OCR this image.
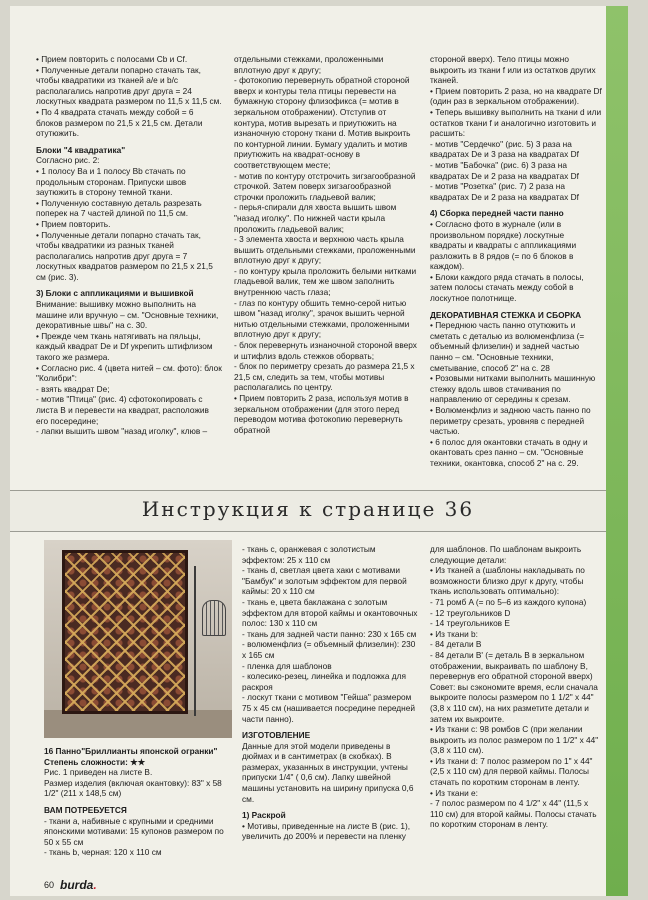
• Прием повторить с полосами Cb и Cf.

• Полученные детали попарно стачать так, чтобы квадратики из тканей a/e и b/c располагались напротив друг друга = 24 лоскутных квадрата размером по 11,5 х 11,5 см.

• По 4 квадрата стачать между собой = 6 блоков размером по 21,5 х 21,5 см. Детали отутюжить.

Блоки "4 квадратика"

Согласно рис. 2:

• 1 полосу Ba и 1 полосу Bb стачать по продольным сторонам. Припуски швов заутюжить в сторону темной ткани.

• Полученную составную деталь разрезать поперек на 7 частей длиной по 11,5 см.

• Прием повторить.

• Полученные детали попарно стачать так, чтобы квадратики из разных тканей располагались напротив друг друга = 7 лоскутных квадратов размером по 21,5 х 21,5 см (рис. 3).

3) Блоки с аппликациями и вышивкой

Внимание: вышивку можно выполнить на машине или вручную – см. "Основные техники, декоративные швы" на с. 30.

• Прежде чем ткань натягивать на пяльцы, каждый квадрат De и Df укрепить штифлизом такого же размера.

• Согласно рис. 4 (цвета нитей – см. фото): блок "Колибри":

- взять квадрат De;

- мотив "Птица" (рис. 4) сфотокопировать с листа В и перевести на квадрат, расположив его посередине;

- лапки вышить швом "назад иголку", клюв –

отдельными стежками, проложенными вплотную друг к другу;

- фотокопию перевернуть обратной стороной вверх и контуры тела птицы перевести на бумажную сторону флизофикса (= мотив в зеркальном отображении). Отступив от контура, мотив вырезать и приутюжить на изнаночную сторону ткани d. Мотив выкроить по контурной линии. Бумагу удалить и мотив приутюжить на квадрат-основу в соответствующем месте;

- мотив по контуру отстрочить зигзагообразной строчкой. Затем поверх зигзагообразной строчки проложить гладьевой валик;

- перья-спирали для хвоста вышить швом "назад иголку". По нижней части крыла проложить гладьевой валик;

- 3 элемента хвоста и верхнюю часть крыла вышить отдельными стежками, проложенными вплотную друг к другу;

- по контуру крыла проложить белыми нитками гладьевой валик, тем же швом заполнить внутреннюю часть глаза;

- глаз по контуру обшить темно-серой нитью швом "назад иголку", зрачок вышить черной нитью отдельными стежками, проложенными вплотную друг к другу;

- блок перевернуть изнаночной стороной вверх и штифлиз вдоль стежков оборвать;

- блок по периметру срезать до размера 21,5 х 21,5 см, следить за тем, чтобы мотивы располагались по центру.

• Прием повторить 2 раза, используя мотив в зеркальном отображении (для этого перед переводом мотива фотокопию перевернуть обратной

стороной вверх). Тело птицы можно выкроить из ткани f или из остатков других тканей.

• Прием повторить 2 раза, но на квадрате Df (один раз в зеркальном отображении).

• Теперь вышивку выполнить на ткани d или остатков ткани f и аналогично изготовить и расшить:

- мотив "Сердечко" (рис. 5) 3 раза на квадратах De и 3 раза на квадратах Df

- мотив "Бабочка" (рис. 6) 3 раза на квадратах De и 2 раза на квадратах Df

- мотив "Розетка" (рис. 7) 2 раза на квадратах De и 2 раза на квадратах Df

4) Сборка передней части панно

• Согласно фото в журнале (или в произвольном порядке) лоскутные квадраты и квадраты с аппликациями разложить в 8 рядов (= по 6 блоков в каждом).

• Блоки каждого ряда стачать в полосы, затем полосы стачать между собой в лоскутное полотнище.

ДЕКОРАТИВНАЯ СТЕЖКА И СБОРКА

• Переднюю часть панно отутюжить и сметать с деталью из волюменфлиза (= объемный флизелин) и задней частью панно – см. "Основные техники, сметывание, способ 2" на с. 28

• Розовыми нитками выполнить машинную стежку вдоль швов стачивания по направлению от середины к срезам.

• Волюменфлиз и заднюю часть панно по периметру срезать, уровняв с передней частью.

• 6 полос для окантовки стачать в одну и окантовать срез панно – см. "Основные техники, окантовка, способ 2" на с. 29.

Инструкция к странице 36

16 Панно"Бриллианты японской огранки"

Степень сложности: ★★

Рис. 1 приведен на листе В.

Размер изделия (включая окантовку): 83" х 58 1/2" (211 х 148,5 см)

ВАМ ПОТРЕБУЕТСЯ

- ткани а, набивные с крупными и средними японскими мотивами: 15 купонов размером по 50 х 55 см

- ткань b, черная: 120 х 110 см

- ткань c, оранжевая с золотистым эффектом: 25 х 110 см

- ткань d, светлая цвета хаки с мотивами "Бамбук" и золотым эффектом для первой каймы: 20 х 110 см

- ткань e, цвета баклажана с золотым эффектом для второй каймы и окантовочных полос: 130 х 110 см

- ткань для задней части панно: 230 х 165 см

- волюменфлиз (= объемный флизелин): 230 х 165 см

- пленка для шаблонов

- колесико-резец, линейка и подложка для раскроя

- лоскут ткани с мотивом "Гейша" размером 75 х 45 см (нашивается посредине передней части панно).

ИЗГОТОВЛЕНИЕ

Данные для этой модели приведены в дюймах и в сантиметрах (в скобках). В размерах, указанных в инструкции, учтены припуски 1/4" ( 0,6 см). Лапку швейной машины установить на ширину припуска 0,6 см.

1) Раскрой

• Мотивы, приведенные на листе В (рис. 1), увеличить до 200% и перевести на пленку

для шаблонов. По шаблонам выкроить следующие детали:

• Из тканей а (шаблоны накладывать по возможности близко друг к другу, чтобы ткань использовать оптимально):

- 71 ромб A (= по 5–6 из каждого купона)

- 12 треугольников D

- 14 треугольников E

• Из ткани b:

- 84 детали B

- 84 детали B' (= деталь B в зеркальном отображении, выкраивать по шаблону B, перевернув его обратной стороной вверх)

Совет: вы сэкономите время, если сначала выкроите полосы размером по 1 1/2" х 44" (3,8 х 110 см), на них разметите детали и затем их выкроите.

• Из ткани c: 98 ромбов C (при желании выкроить из полос размером по 1 1/2" х 44" (3,8 х 110 см).

• Из ткани d: 7 полос размером по 1" х 44" (2,5 х 110 см) для первой каймы. Полосы стачать по коротким сторонам в ленту.

• Из ткани e:

- 7 полос размером по 4 1/2" х 44" (11,5 х 110 см) для второй каймы. Полосы стачать по коротким сторонам в ленту.

60 burda.
